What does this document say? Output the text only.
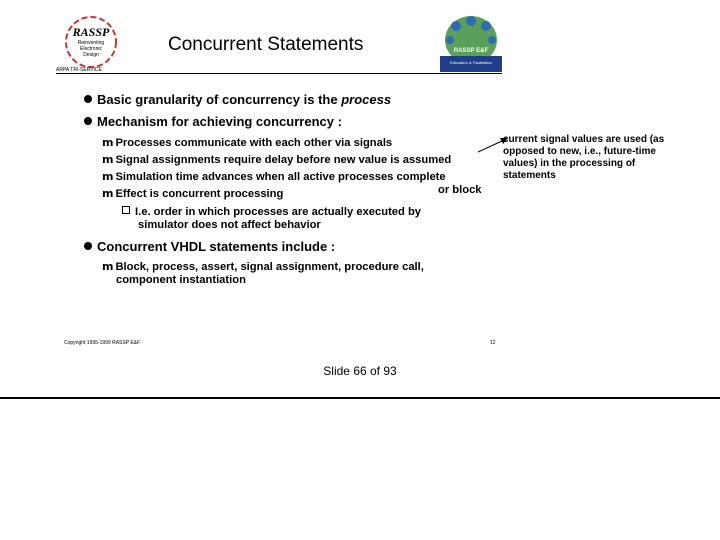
RASSP
Reinventing
Electronic
Design
ARPA TRI-SERVICE
Concurrent Statements	RASSP E&F
Education & Facilitation
Basic granularity of concurrency is the process
Mechanism for achieving concurrency :
m Processes communicate with each other via signals
m Signal assignments require delay before new value is assumed
m Simulation time advances when all active processes complete
or block
m Effect is concurrent processing
I.e. order in which processes are actually executed by
simulator does not affect behavior
Concurrent VHDL statements include :
m Block, process, assert, signal assignment, procedure call,
component instantiation
current signal values are used (as
opposed to new, i.e., future-time
values) in the processing of
statements
Copyright 1995-1999 RASSP E&F	12
Slide 66 of 93
